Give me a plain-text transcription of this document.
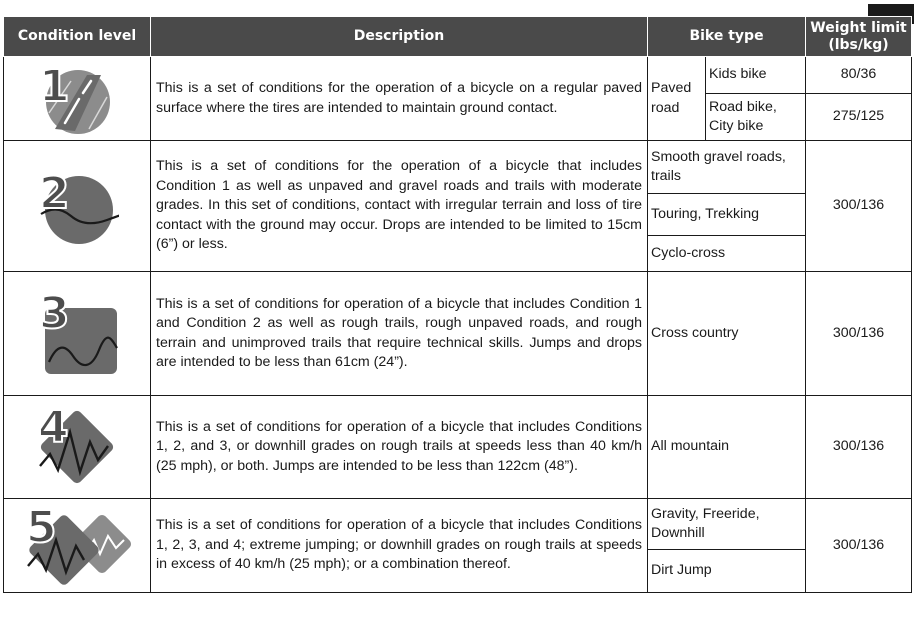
Condition level	Description	Bike type		Weight limit
(lbs/kg)

1	This is a set of conditions for the operation of a bicycle on a regular paved surface where the tires are intended to maintain ground contact.	Paved road	Kids bike	80/36
			Road bike, City bike	275/125

2	This is a set of conditions for the operation of a bicycle that includes Condition 1 as well as unpaved and gravel roads and trails with moderate grades. In this set of conditions, contact with irregular terrain and loss of tire contact with the ground may occur. Drops are intended to be limited to 15cm (6”) or less.	Smooth gravel roads, trails		300/136
		Touring, Trekking		
		Cyclo-cross		

3	This is a set of conditions for operation of a bicycle that includes Condition 1 and Condition 2 as well as rough trails, rough unpaved roads, and rough terrain and unimproved trails that require technical skills. Jumps and drops are intended to be less than 61cm (24”).	Cross country		300/136

4	This is a set of conditions for operation of a bicycle that includes Conditions 1, 2, and 3, or downhill grades on rough trails at speeds less than 40 km/h (25 mph), or both. Jumps are intended to be less than 122cm (48”).	All mountain		300/136

5	This is a set of conditions for operation of a bicycle that includes Conditions 1, 2, 3, and 4; extreme jumping; or downhill grades on rough trails at speeds in excess of 40 km/h (25 mph); or a combination thereof.	Gravity, Freeride, Downhill		300/136
		Dirt Jump		
